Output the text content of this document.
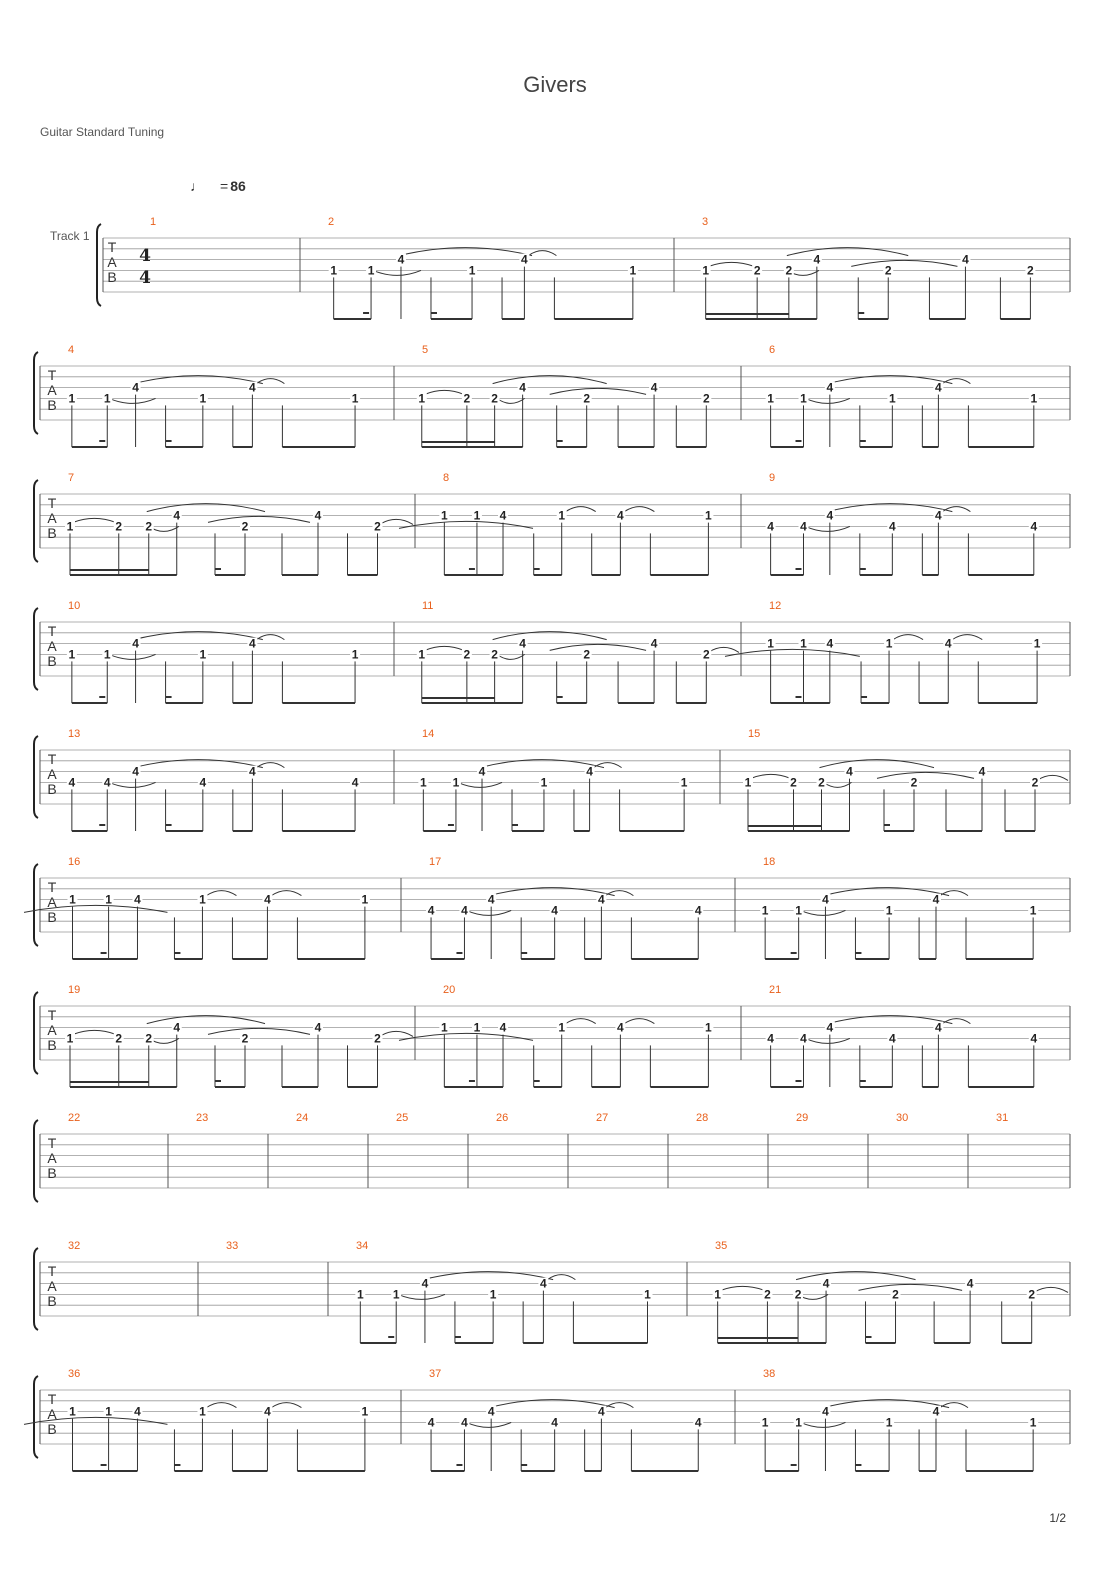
Givers
Guitar Standard Tuning
♩ = 86
Track 1
1/2
T
A
B
4
4
1	2
1	1
4
1
4
1
3
1	2 2
4
2
4
2
T
A
B
4
1 1
4
1
4
1
5
1	2 2
4
2
4
2
6
1 1
4
1
4
1
T
A
B
7
1	2 2
4
2
4
2
8
1 1 4	1	4	1
9
4 4
4
4
4
4
T
A
B
10
1 1
4
1
4
1
11
1	2 2
4
2
4
2
12
1 1 4	1	4	1
T
A
B
13
4 4
4
4
4
4
14
1 1
4
1
4
1
15
1	2 2
4
2
4
2
T
A
B
16
1 1 4	1	4	1
17
4 4
4
4
4
4
18
1 1
4
1
4
1
T
A
B
19
1	2 2
4
2
4
2
20
1 1 4	1	4	1
21
4 4
4
4
4
4
T
A
B
22	23	24	25	26	27	28	29	30	31
T
A
B
32	33	34
1 1
4
1
4
1
35
1	2 2
4
2
4
2
T
A
B
36
1 1 4	1	4	1
37
4 4
4
4
4
4
38
1 1
4
1
4
1
